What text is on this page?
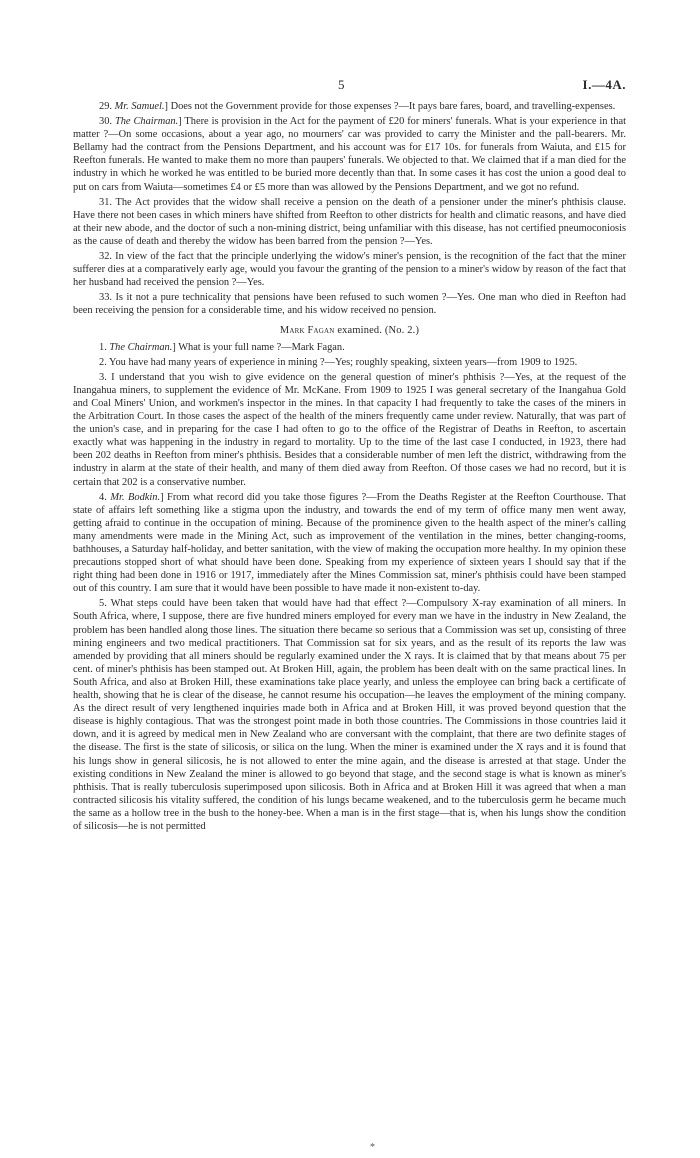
5	I.—4A.

29. Mr. Samuel.] Does not the Government provide for those expenses ?—It pays bare fares, board, and travelling-expenses.

30. The Chairman.] There is provision in the Act for the payment of £20 for miners' funerals. What is your experience in that matter ?—On some occasions, about a year ago, no mourners' car was provided to carry the Minister and the pall-bearers. Mr. Bellamy had the contract from the Pensions Department, and his account was for £17 10s. for funerals from Waiuta, and £15 for Reefton funerals. He wanted to make them no more than paupers' funerals. We objected to that. We claimed that if a man died for the industry in which he worked he was entitled to be buried more decently than that. In some cases it has cost the union a good deal to put on cars from Waiuta—sometimes £4 or £5 more than was allowed by the Pensions Department, and we got no refund.

31. The Act provides that the widow shall receive a pension on the death of a pensioner under the miner's phthisis clause. Have there not been cases in which miners have shifted from Reefton to other districts for health and climatic reasons, and have died at their new abode, and the doctor of such a non-mining district, being unfamiliar with this disease, has not certified pneumoconiosis as the cause of death and thereby the widow has been barred from the pension ?—Yes.

32. In view of the fact that the principle underlying the widow's miner's pension, is the recognition of the fact that the miner sufferer dies at a comparatively early age, would you favour the granting of the pension to a miner's widow by reason of the fact that her husband had received the pension ?—Yes.

33. Is it not a pure technicality that pensions have been refused to such women ?—Yes. One man who died in Reefton had been receiving the pension for a considerable time, and his widow received no pension.

Mark Fagan examined. (No. 2.)

1. The Chairman.] What is your full name ?—Mark Fagan.

2. You have had many years of experience in mining ?—Yes; roughly speaking, sixteen years—from 1909 to 1925.

3. I understand that you wish to give evidence on the general question of miner's phthisis ?—Yes, at the request of the Inangahua miners, to supplement the evidence of Mr. McKane. From 1909 to 1925 I was general secretary of the Inangahua Gold and Coal Miners' Union, and workmen's inspector in the mines. In that capacity I had frequently to take the cases of the miners in the Arbitration Court. In those cases the aspect of the health of the miners frequently came under review. Naturally, that was part of the union's case, and in preparing for the case I had often to go to the office of the Registrar of Deaths in Reefton, to ascertain exactly what was happening in the industry in regard to mortality. Up to the time of the last case I conducted, in 1923, there had been 202 deaths in Reefton from miner's phthisis. Besides that a considerable number of men left the district, withdrawing from the industry in alarm at the state of their health, and many of them died away from Reefton. Of those cases we had no record, but it is certain that 202 is a conservative number.

4. Mr. Bodkin.] From what record did you take those figures ?—From the Deaths Register at the Reefton Courthouse. That state of affairs left something like a stigma upon the industry, and towards the end of my term of office many men went away, getting afraid to continue in the occupation of mining. Because of the prominence given to the health aspect of the miner's calling many amendments were made in the Mining Act, such as improvement of the ventilation in the mines, better changing-rooms, bathhouses, a Saturday half-holiday, and better sanitation, with the view of making the occupation more healthy. In my opinion these precautions stopped short of what should have been done. Speaking from my experience of sixteen years I should say that if the right thing had been done in 1916 or 1917, immediately after the Mines Commission sat, miner's phthisis could have been stamped out of this country. I am sure that it would have been possible to have made it non-existent to-day.

5. What steps could have been taken that would have had that effect ?—Compulsory X-ray examination of all miners. In South Africa, where, I suppose, there are five hundred miners employed for every man we have in the industry in New Zealand, the problem has been handled along those lines. The situation there became so serious that a Commission was set up, consisting of three mining engineers and two medical practitioners. That Commission sat for six years, and as the result of its reports the law was amended by providing that all miners should be regularly examined under the X rays. It is claimed that by that means about 75 per cent. of miner's phthisis has been stamped out. At Broken Hill, again, the problem has been dealt with on the same practical lines. In South Africa, and also at Broken Hill, these examinations take place yearly, and unless the employee can bring back a certificate of health, showing that he is clear of the disease, he cannot resume his occupation—he leaves the employment of the mining company. As the direct result of very lengthened inquiries made both in Africa and at Broken Hill, it was proved beyond question that the disease is highly contagious. That was the strongest point made in both those countries. The Commissions in those countries laid it down, and it is agreed by medical men in New Zealand who are conversant with the complaint, that there are two definite stages of the disease. The first is the state of silicosis, or silica on the lung. When the miner is examined under the X rays and it is found that his lungs show in general silicosis, he is not allowed to enter the mine again, and the disease is arrested at that stage. Under the existing conditions in New Zealand the miner is allowed to go beyond that stage, and the second stage is what is known as miner's phthisis. That is really tuberculosis superimposed upon silicosis. Both in Africa and at Broken Hill it was agreed that when a man contracted silicosis his vitality suffered, the condition of his lungs became weakened, and to the tuberculosis germ he became much the same as a hollow tree in the bush to the honey-bee. When a man is in the first stage—that is, when his lungs show the condition of silicosis—he is not permitted

*
